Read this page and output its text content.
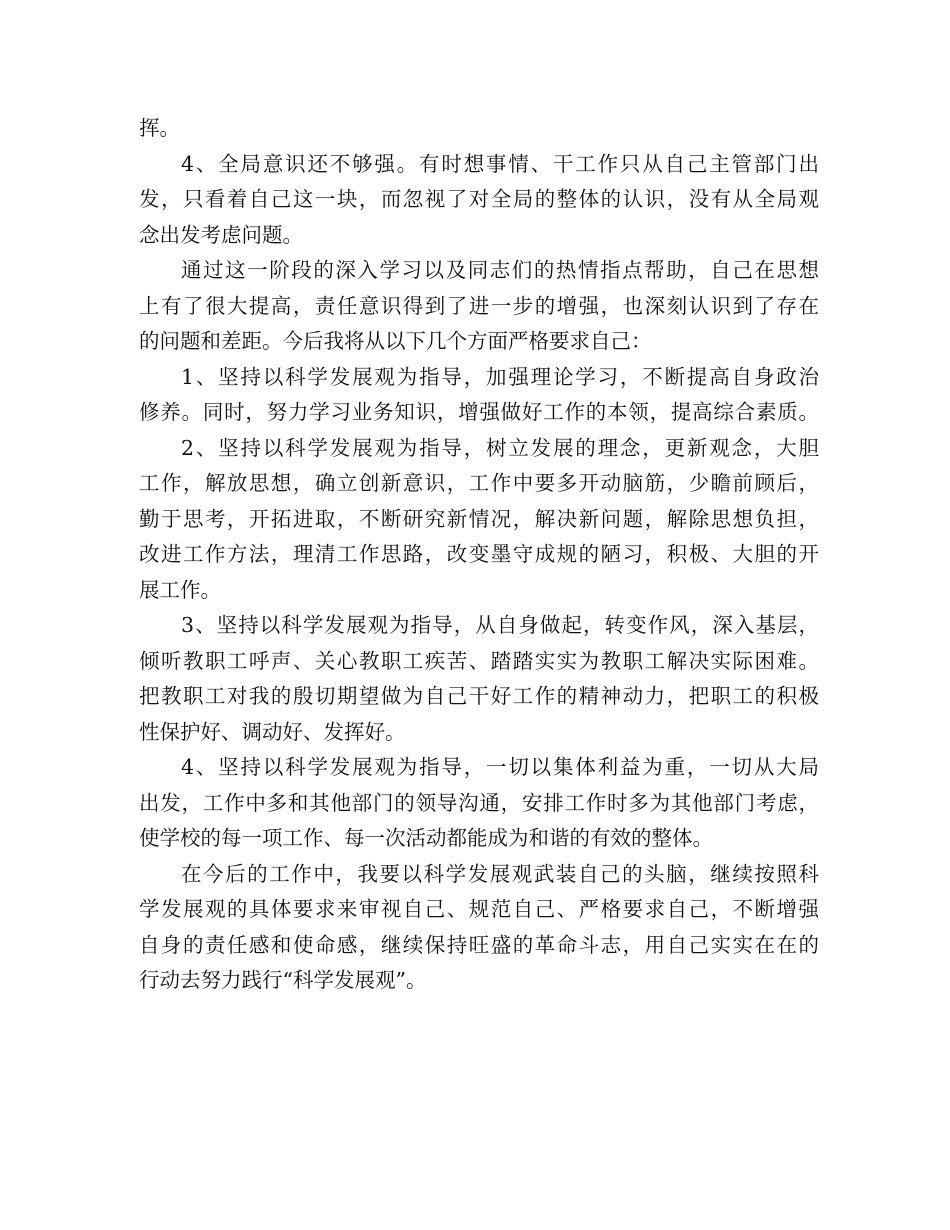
挥。
4、全局意识还不够强。有时想事情、干工作只从自己主管部门出
发，只看着自己这一块，而忽视了对全局的整体的认识，没有从全局观
念出发考虑问题。
通过这一阶段的深入学习以及同志们的热情指点帮助，自己在思想
上有了很大提高，责任意识得到了进一步的增强，也深刻认识到了存在
的问题和差距。今后我将从以下几个方面严格要求自己：
1、坚持以科学发展观为指导，加强理论学习，不断提高自身政治
修养。同时，努力学习业务知识，增强做好工作的本领，提高综合素质。
2、坚持以科学发展观为指导，树立发展的理念，更新观念，大胆
工作，解放思想，确立创新意识，工作中要多开动脑筋，少瞻前顾后，
勤于思考，开拓进取，不断研究新情况，解决新问题，解除思想负担，
改进工作方法，理清工作思路，改变墨守成规的陋习，积极、大胆的开
展工作。
3、坚持以科学发展观为指导，从自身做起，转变作风，深入基层，
倾听教职工呼声、关心教职工疾苦、踏踏实实为教职工解决实际困难。
把教职工对我的殷切期望做为自己干好工作的精神动力，把职工的积极
性保护好、调动好、发挥好。
4、坚持以科学发展观为指导，一切以集体利益为重，一切从大局
出发，工作中多和其他部门的领导沟通，安排工作时多为其他部门考虑，
使学校的每一项工作、每一次活动都能成为和谐的有效的整体。
在今后的工作中，我要以科学发展观武装自己的头脑，继续按照科
学发展观的具体要求来审视自己、规范自己、严格要求自己，不断增强
自身的责任感和使命感，继续保持旺盛的革命斗志，用自己实实在在的
行动去努力践行“科学发展观”。
